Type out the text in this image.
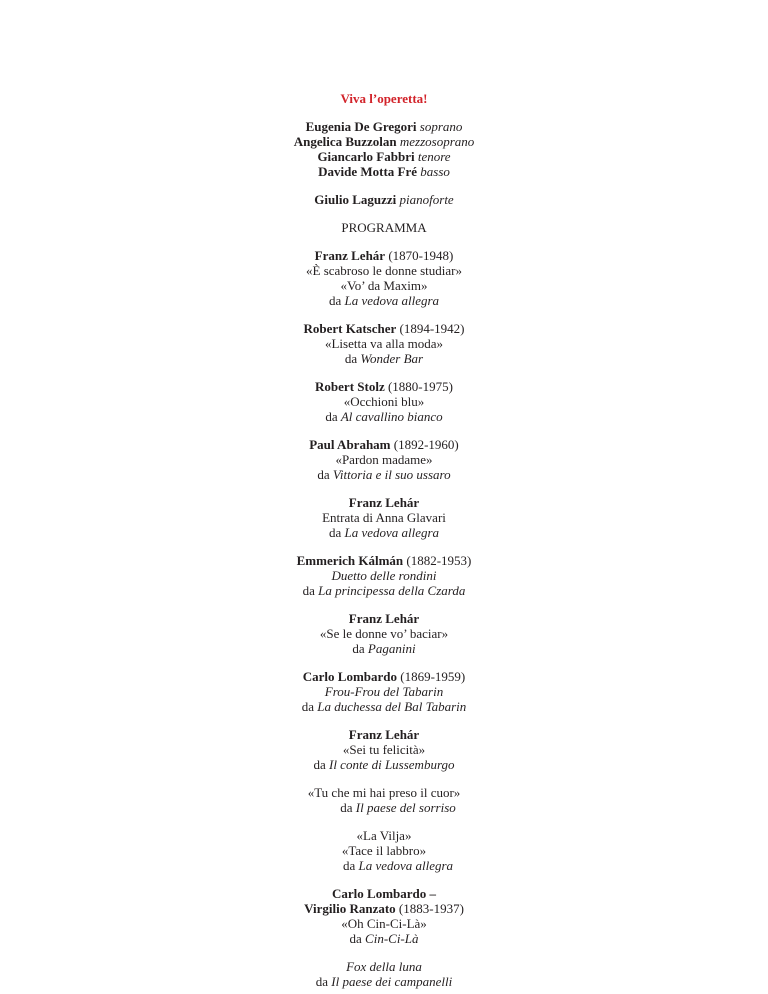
Viva l’operetta!
Eugenia De Gregori soprano
Angelica Buzzolan mezzosoprano
Giancarlo Fabbri tenore
Davide Motta Fré basso
Giulio Laguzzi pianoforte
PROGRAMMA
Franz Lehár (1870-1948)
«È scabroso le donne studiar»
«Vo’ da Maxim»
da La vedova allegra
Robert Katscher (1894-1942)
«Lisetta va alla moda»
da Wonder Bar
Robert Stolz (1880-1975)
«Occhioni blu»
da Al cavallino bianco
Paul Abraham (1892-1960)
«Pardon madame»
da Vittoria e il suo ussaro
Franz Lehár
Entrata di Anna Glavari
da La vedova allegra
Emmerich Kálmán (1882-1953)
Duetto delle rondini
da La principessa della Czarda
Franz Lehár
«Se le donne vo’ baciar»
da Paganini
Carlo Lombardo (1869-1959)
Frou-Frou del Tabarin
da La duchessa del Bal Tabarin
Franz Lehár
«Sei tu felicità»
da Il conte di Lussemburgo
«Tu che mi hai preso il cuor»
da Il paese del sorriso
«La Vilja»
«Tace il labbro»
da La vedova allegra
Carlo Lombardo –
Virgilio Ranzato (1883-1937)
«Oh Cin-Ci-Là»
da Cin-Ci-Là
Fox della luna
da Il paese dei campanelli
